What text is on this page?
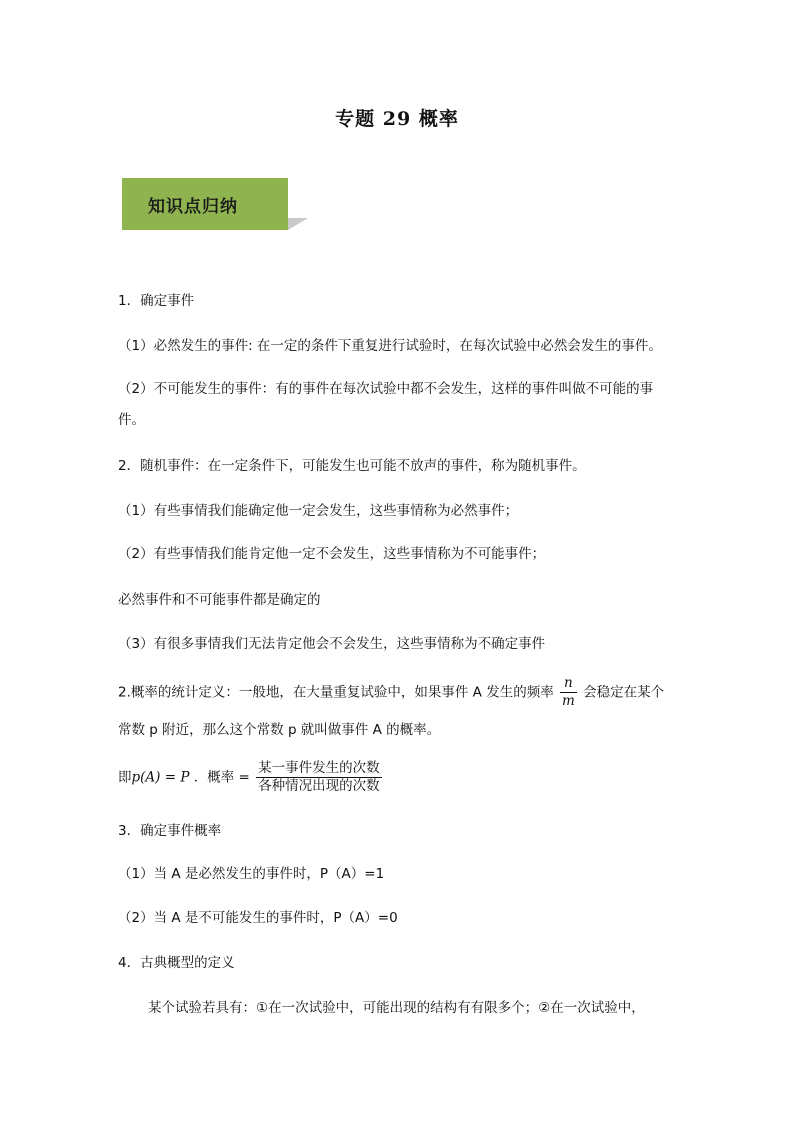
专题 29 概率
知识点归纳
1．确定事件
（1）必然发生的事件: 在一定的条件下重复进行试验时，在每次试验中必然会发生的事件。
（2）不可能发生的事件：有的事件在每次试验中都不会发生，这样的事件叫做不可能的事
件。
2．随机事件：在一定条件下，可能发生也可能不放声的事件，称为随机事件。
（1）有些事情我们能确定他一定会发生，这些事情称为必然事件；
（2）有些事情我们能肯定他一定不会发生，这些事情称为不可能事件；
必然事件和不可能事件都是确定的
（3）有很多事情我们无法肯定他会不会发生，这些事情称为不确定事件
2.概率的统计定义：一般地，在大量重复试验中，如果事件 A 发生的频率 $\frac{n}{m}$ 会稳定在某个
常数 p 附近，那么这个常数 p 就叫做事件 A 的概率。
即p(A) = P ．概率 = $\frac{\text{某一事件发生的次数}}{\text{各种情况出现的次数}}$
3．确定事件概率
（1）当 A 是必然发生的事件时，P（A）=1
（2）当 A 是不可能发生的事件时，P（A）=0
4．古典概型的定义
某个试验若具有：①在一次试验中，可能出现的结构有有限多个；②在一次试验中，
